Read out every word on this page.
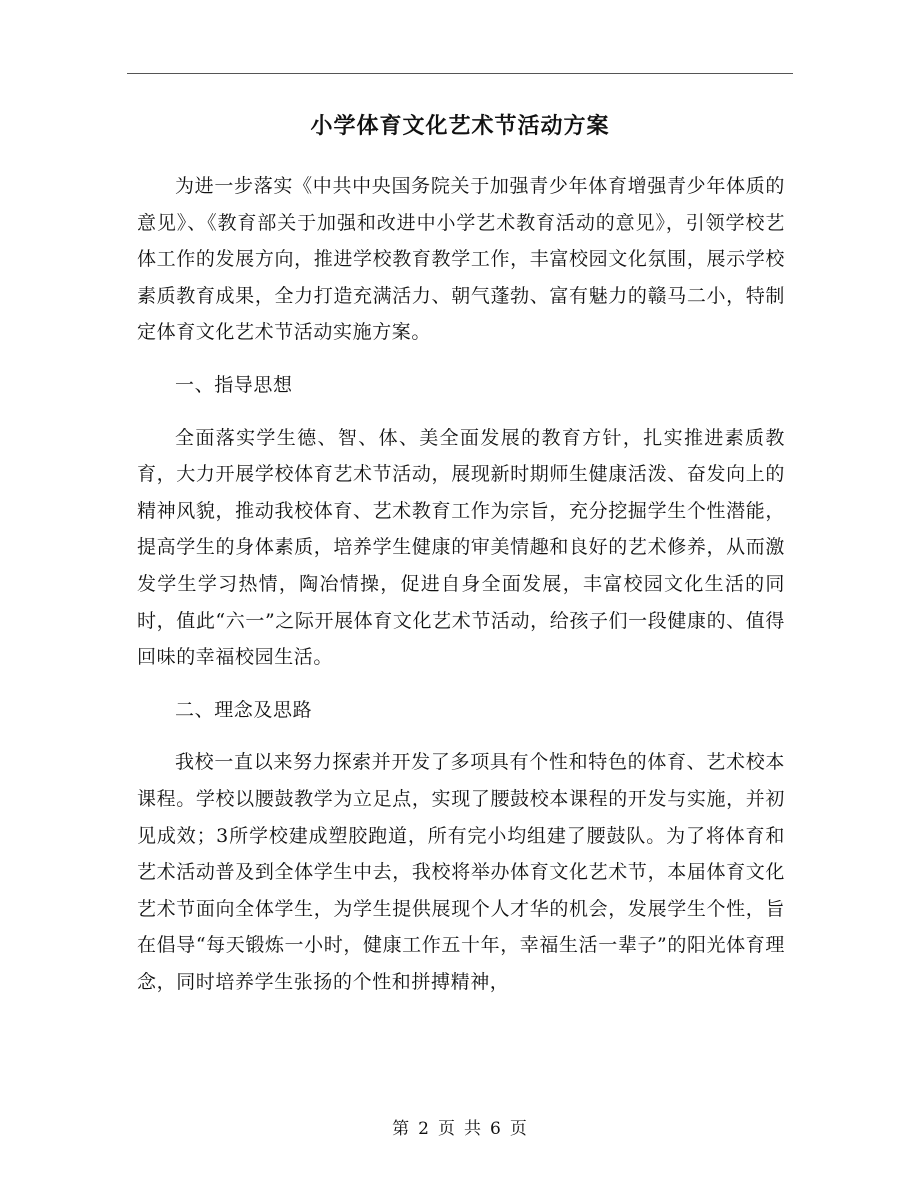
小学体育文化艺术节活动方案

为进一步落实《中共中央国务院关于加强青少年体育增强青少年体质的意见》、《教育部关于加强和改进中小学艺术教育活动的意见》，引领学校艺体工作的发展方向，推进学校教育教学工作，丰富校园文化氛围，展示学校素质教育成果，全力打造充满活力、朝气蓬勃、富有魅力的赣马二小，特制定体育文化艺术节活动实施方案。

一、指导思想

全面落实学生德、智、体、美全面发展的教育方针，扎实推进素质教育，大力开展学校体育艺术节活动，展现新时期师生健康活泼、奋发向上的精神风貌，推动我校体育、艺术教育工作为宗旨，充分挖掘学生个性潜能，提高学生的身体素质，培养学生健康的审美情趣和良好的艺术修养，从而激发学生学习热情，陶冶情操，促进自身全面发展，丰富校园文化生活的同时，值此“六一”之际开展体育文化艺术节活动，给孩子们一段健康的、值得回味的幸福校园生活。

二、理念及思路

我校一直以来努力探索并开发了多项具有个性和特色的体育、艺术校本课程。学校以腰鼓教学为立足点，实现了腰鼓校本课程的开发与实施，并初见成效；3所学校建成塑胶跑道，所有完小均组建了腰鼓队。为了将体育和艺术活动普及到全体学生中去，我校将举办体育文化艺术节，本届体育文化艺术节面向全体学生，为学生提供展现个人才华的机会，发展学生个性，旨在倡导“每天锻炼一小时，健康工作五十年，幸福生活一辈子”的阳光体育理念，同时培养学生张扬的个性和拼搏精神，

第 2 页 共 6 页
